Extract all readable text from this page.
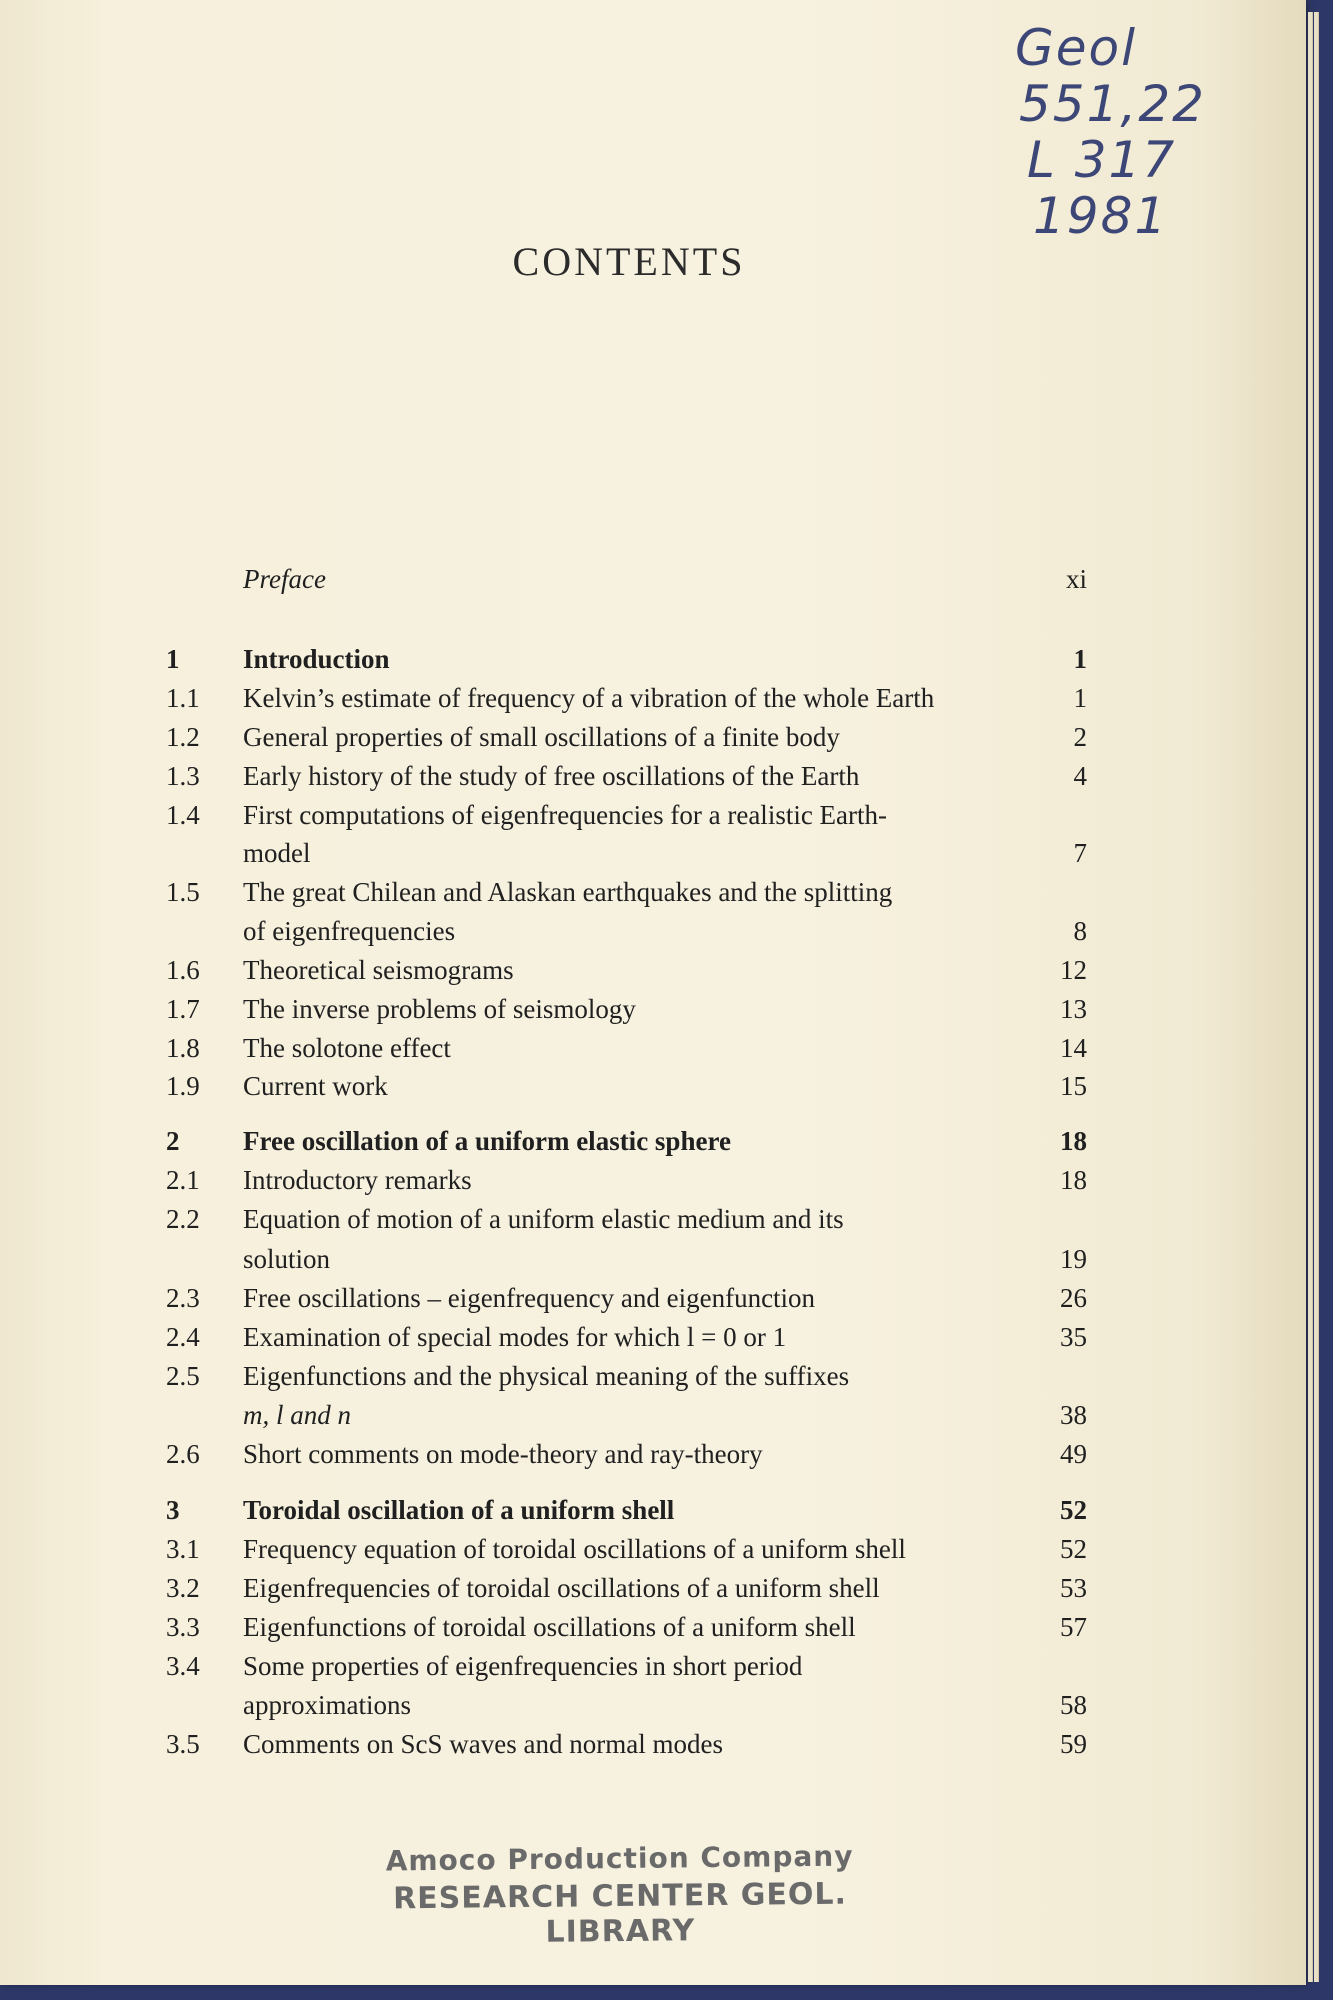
Geol
551,22
L 317
1981
CONTENTS
Preface	xi
1 Introduction	1
1.1 Kelvin’s estimate of frequency of a vibration of the whole Earth	1
1.2 General properties of small oscillations of a finite body	2
1.3 Early history of the study of free oscillations of the Earth	4
1.4 First computations of eigenfrequencies for a realistic Earth-
model	7
1.5 The great Chilean and Alaskan earthquakes and the splitting
of eigenfrequencies	8
1.6 Theoretical seismograms	12
1.7 The inverse problems of seismology	13
1.8 The solotone effect	14
1.9 Current work	15
2 Free oscillation of a uniform elastic sphere	18
2.1 Introductory remarks	18
2.2 Equation of motion of a uniform elastic medium and its
solution	19
2.3 Free oscillations – eigenfrequency and eigenfunction	26
2.4 Examination of special modes for which l = 0 or 1	35
2.5 Eigenfunctions and the physical meaning of the suffixes
m, l and n	38
2.6 Short comments on mode-theory and ray-theory	49
3 Toroidal oscillation of a uniform shell	52
3.1 Frequency equation of toroidal oscillations of a uniform shell	52
3.2 Eigenfrequencies of toroidal oscillations of a uniform shell	53
3.3 Eigenfunctions of toroidal oscillations of a uniform shell	57
3.4 Some properties of eigenfrequencies in short period
approximations	58
3.5 Comments on ScS waves and normal modes	59
Amoco Production Company
RESEARCH CENTER GEOL. LIBRARY
